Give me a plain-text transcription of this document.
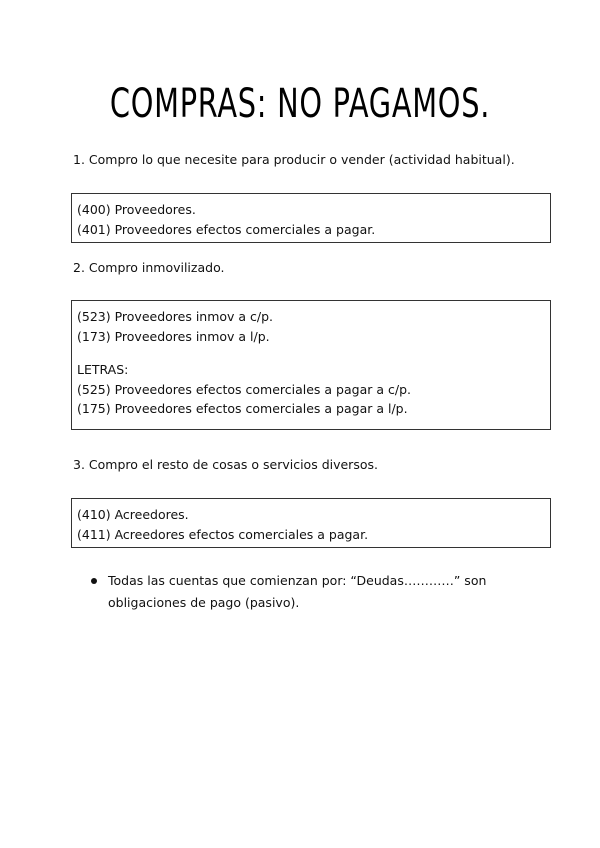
COMPRAS: NO PAGAMOS.

1. Compro lo que necesite para producir o vender (actividad habitual).

(400) Proveedores.
(401) Proveedores efectos comerciales a pagar.

2. Compro inmovilizado.

(523) Proveedores inmov a c/p.
(173) Proveedores inmov a l/p.
LETRAS:
(525) Proveedores efectos comerciales a pagar a c/p.
(175) Proveedores efectos comerciales a pagar a l/p.

3. Compro el resto de cosas o servicios diversos.

(410) Acreedores.
(411) Acreedores efectos comerciales a pagar.
Todas las cuentas que comienzan por: “Deudas…………” son obligaciones de pago (pasivo).
